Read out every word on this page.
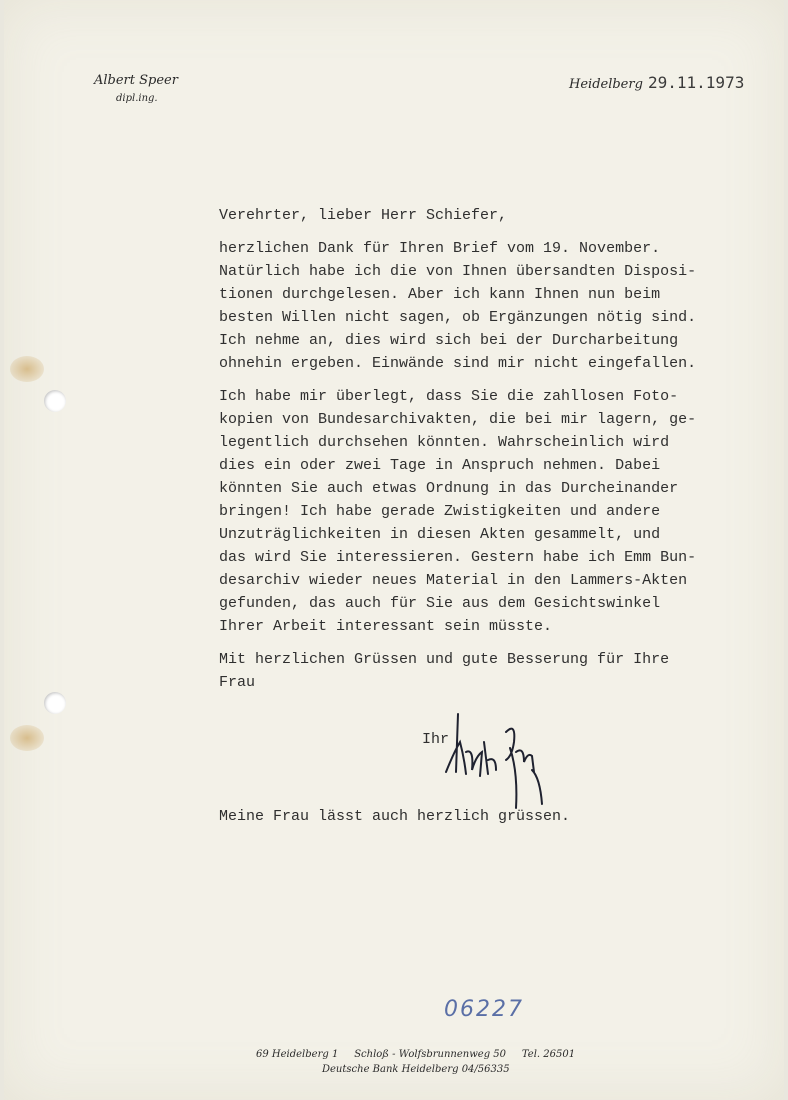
Albert Speer
dipl.ing.
Heidelberg 29.11.1973

Verehrter, lieber Herr Schiefer,

herzlichen Dank für Ihren Brief vom 19. November.
Natürlich habe ich die von Ihnen übersandten Disposi-
tionen durchgelesen. Aber ich kann Ihnen nun beim
besten Willen nicht sagen, ob Ergänzungen nötig sind.
Ich nehme an, dies wird sich bei der Durcharbeitung
ohnehin ergeben. Einwände sind mir nicht eingefallen.

Ich habe mir überlegt, dass Sie die zahllosen Foto-
kopien von Bundesarchivakten, die bei mir lagern, ge-
legentlich durchsehen könnten. Wahrscheinlich wird
dies ein oder zwei Tage in Anspruch nehmen. Dabei
könnten Sie auch etwas Ordnung in das Durcheinander
bringen! Ich habe gerade Zwistigkeiten und andere
Unzuträglichkeiten in diesen Akten gesammelt, und
das wird Sie interessieren. Gestern habe ich Emm Bun-
desarchiv wieder neues Material in den Lammers-Akten
gefunden, das auch für Sie aus dem Gesichtswinkel
Ihrer Arbeit interessant sein müsste.

Mit herzlichen Grüssen und gute Besserung für Ihre
Frau

Ihr
Meine Frau lässt auch herzlich grüssen.
06227
69 Heidelberg 1     Schloß - Wolfsbrunnenweg 50     Tel. 26501
Deutsche Bank Heidelberg 04/56335
